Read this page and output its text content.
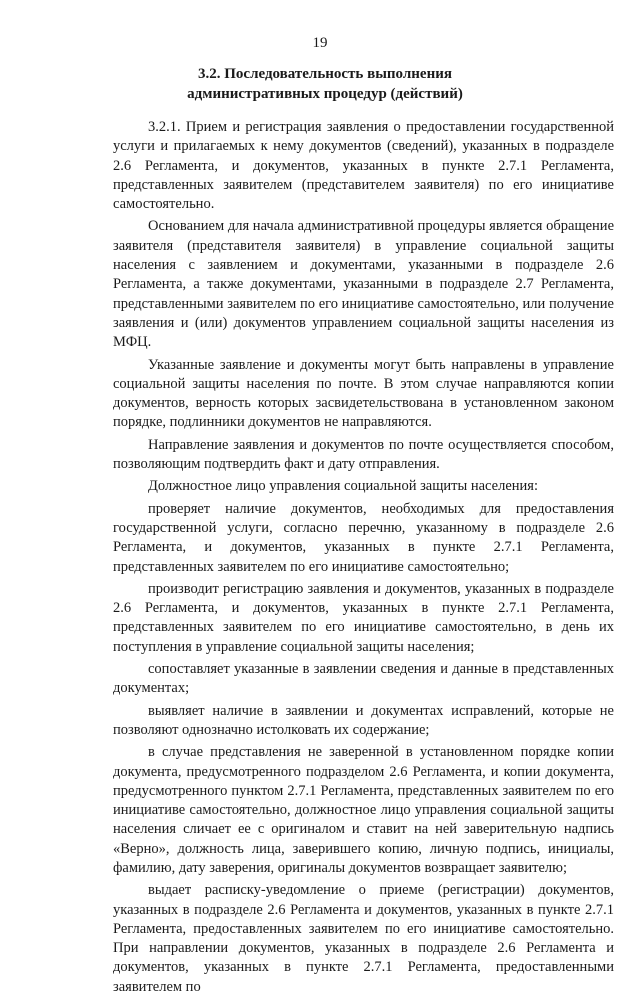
19
3.2. Последовательность выполнения
административных процедур (действий)

3.2.1. Прием и регистрация заявления о предоставлении государственной услуги и прилагаемых к нему документов (сведений), указанных в подразделе 2.6 Регламента, и документов, указанных в пункте 2.7.1 Регламента, представленных заявителем (представителем заявителя) по его инициативе самостоятельно.

Основанием для начала административной процедуры является обращение заявителя (представителя заявителя) в управление социальной защиты населения с заявлением и документами, указанными в подразделе 2.6 Регламента, а также документами, указанными в подразделе 2.7 Регламента, представленными заявителем по его инициативе самостоятельно, или получение заявления и (или) документов управлением социальной защиты населения из МФЦ.

Указанные заявление и документы могут быть направлены в управление социальной защиты населения по почте. В этом случае направляются копии документов, верность которых засвидетельствована в установленном законом порядке, подлинники документов не направляются.

Направление заявления и документов по почте осуществляется способом, позволяющим подтвердить факт и дату отправления.

Должностное лицо управления социальной защиты населения:

проверяет наличие документов, необходимых для предоставления государственной услуги, согласно перечню, указанному в подразделе 2.6 Регламента, и документов, указанных в пункте 2.7.1 Регламента, представленных заявителем по его инициативе самостоятельно;

производит регистрацию заявления и документов, указанных в подразделе 2.6 Регламента, и документов, указанных в пункте 2.7.1 Регламента, представленных заявителем по его инициативе самостоятельно, в день их поступления в управление социальной защиты населения;

сопоставляет указанные в заявлении сведения и данные в представленных документах;

выявляет наличие в заявлении и документах исправлений, которые не позволяют однозначно истолковать их содержание;

в случае представления не заверенной в установленном порядке копии документа, предусмотренного подразделом 2.6 Регламента, и копии документа, предусмотренного пунктом 2.7.1 Регламента, представленных заявителем по его инициативе самостоятельно, должностное лицо управления социальной защиты населения сличает ее с оригиналом и ставит на ней заверительную надпись «Верно», должность лица, заверившего копию, личную подпись, инициалы, фамилию, дату заверения, оригиналы документов возвращает заявителю;

выдает расписку-уведомление о приеме (регистрации) документов, указанных в подразделе 2.6 Регламента и документов, указанных в пункте 2.7.1 Регламента, предоставленных заявителем по его инициативе самостоятельно. При направлении документов, указанных в подразделе 2.6 Регламента и документов, указанных в пункте 2.7.1 Регламента, предоставленными заявителем по
